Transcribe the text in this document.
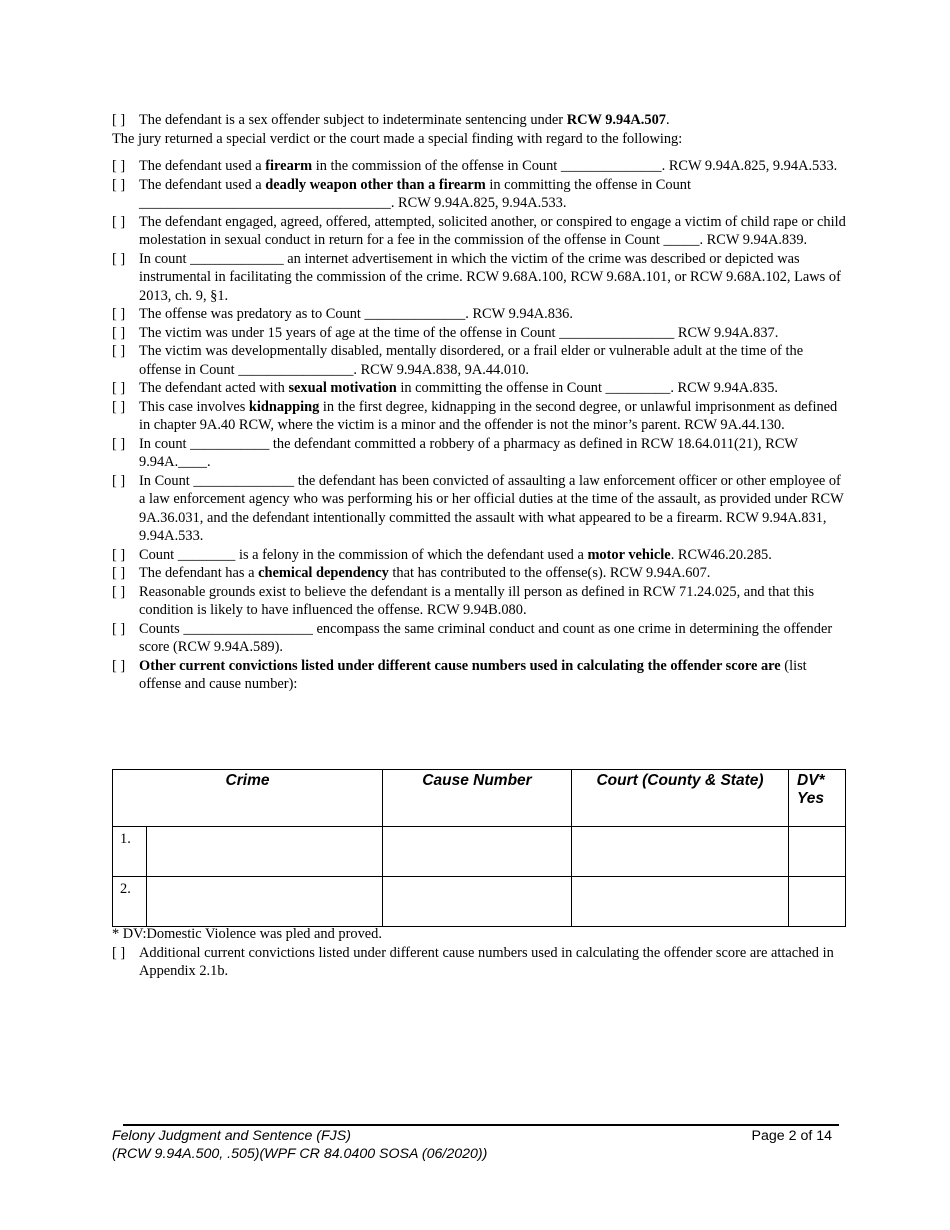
[ ] The defendant is a sex offender subject to indeterminate sentencing under RCW 9.94A.507.

The jury returned a special verdict or the court made a special finding with regard to the following:

[ ] The defendant used a firearm in the commission of the offense in Count ______________. RCW 9.94A.825, 9.94A.533.

[ ] The defendant used a deadly weapon other than a firearm in committing the offense in Count ___________________________________. RCW 9.94A.825, 9.94A.533.

[ ] The defendant engaged, agreed, offered, attempted, solicited another, or conspired to engage a victim of child rape or child molestation in sexual conduct in return for a fee in the commission of the offense in Count _____. RCW 9.94A.839.

[ ] In count _____________ an internet advertisement in which the victim of the crime was described or depicted was instrumental in facilitating the commission of the crime. RCW 9.68A.100, RCW 9.68A.101, or RCW 9.68A.102, Laws of 2013, ch. 9, §1.

[ ] The offense was predatory as to Count ______________. RCW 9.94A.836.

[ ] The victim was under 15 years of age at the time of the offense in Count ________________ RCW 9.94A.837.

[ ] The victim was developmentally disabled, mentally disordered, or a frail elder or vulnerable adult at the time of the offense in Count ________________. RCW 9.94A.838, 9A.44.010.

[ ] The defendant acted with sexual motivation in committing the offense in Count _________. RCW 9.94A.835.

[ ] This case involves kidnapping in the first degree, kidnapping in the second degree, or unlawful imprisonment as defined in chapter 9A.40 RCW, where the victim is a minor and the offender is not the minor’s parent. RCW 9A.44.130.

[ ] In count ___________ the defendant committed a robbery of a pharmacy as defined in RCW 18.64.011(21), RCW 9.94A.____.

[ ] In Count ______________ the defendant has been convicted of assaulting a law enforcement officer or other employee of a law enforcement agency who was performing his or her official duties at the time of the assault, as provided under RCW 9A.36.031, and the defendant intentionally committed the assault with what appeared to be a firearm. RCW 9.94A.831, 9.94A.533.

[ ] Count ________ is a felony in the commission of which the defendant used a motor vehicle. RCW46.20.285.

[ ] The defendant has a chemical dependency that has contributed to the offense(s). RCW 9.94A.607.

[ ] Reasonable grounds exist to believe the defendant is a mentally ill person as defined in RCW 71.24.025, and that this condition is likely to have influenced the offense. RCW 9.94B.080.

[ ] Counts __________________ encompass the same criminal conduct and count as one crime in determining the offender score (RCW 9.94A.589).

[ ] Other current convictions listed under different cause numbers used in calculating the offender score are (list offense and cause number):

Crime		Cause Number	Court (County & State)	DV*
Yes
1.				
2.				

* DV:Domestic Violence was pled and proved.

[ ] Additional current convictions listed under different cause numbers used in calculating the offender score are attached in Appendix 2.1b.

Felony Judgment and Sentence (FJS)
(RCW 9.94A.500, .505)(WPF CR 84.0400 SOSA (06/2020))
Page 2 of 14
